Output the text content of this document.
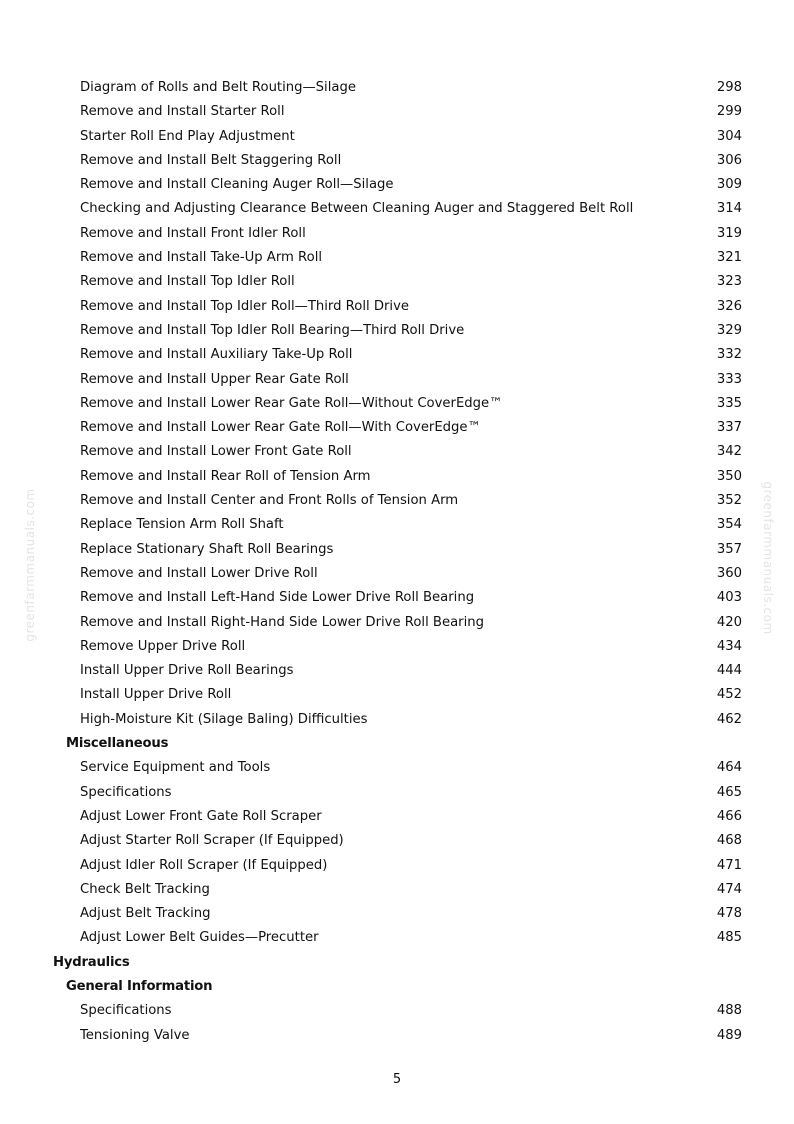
greenfarmmanuals.com	greenfarmmanuals.com
Diagram of Rolls and Belt Routing—Silage	298
Remove and Install Starter Roll	299
Starter Roll End Play Adjustment	304
Remove and Install Belt Staggering Roll	306
Remove and Install Cleaning Auger Roll—Silage	309
Checking and Adjusting Clearance Between Cleaning Auger and Staggered Belt Roll	314
Remove and Install Front Idler Roll	319
Remove and Install Take-Up Arm Roll	321
Remove and Install Top Idler Roll	323
Remove and Install Top Idler Roll—Third Roll Drive	326
Remove and Install Top Idler Roll Bearing—Third Roll Drive	329
Remove and Install Auxiliary Take-Up Roll	332
Remove and Install Upper Rear Gate Roll	333
Remove and Install Lower Rear Gate Roll—Without CoverEdge™	335
Remove and Install Lower Rear Gate Roll—With CoverEdge™	337
Remove and Install Lower Front Gate Roll	342
Remove and Install Rear Roll of Tension Arm	350
Remove and Install Center and Front Rolls of Tension Arm	352
Replace Tension Arm Roll Shaft	354
Replace Stationary Shaft Roll Bearings	357
Remove and Install Lower Drive Roll	360
Remove and Install Left-Hand Side Lower Drive Roll Bearing	403
Remove and Install Right-Hand Side Lower Drive Roll Bearing	420
Remove Upper Drive Roll	434
Install Upper Drive Roll Bearings	444
Install Upper Drive Roll	452
High-Moisture Kit (Silage Baling) Difficulties	462
Miscellaneous
Service Equipment and Tools	464
Specifications	465
Adjust Lower Front Gate Roll Scraper	466
Adjust Starter Roll Scraper (If Equipped)	468
Adjust Idler Roll Scraper (If Equipped)	471
Check Belt Tracking	474
Adjust Belt Tracking	478
Adjust Lower Belt Guides—Precutter	485
Hydraulics
General Information
Specifications	488
Tensioning Valve	489
5
